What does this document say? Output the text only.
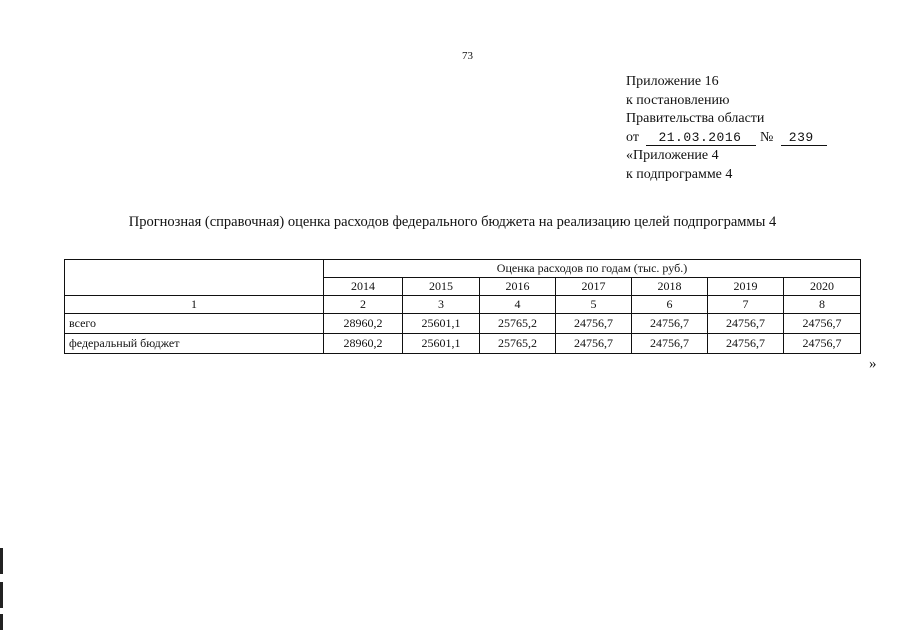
73
Приложение 16
к постановлению
Правительства области
от 21.03.2016 № 239
«Приложение 4
к подпрограмме 4
Прогнозная (справочная) оценка расходов федерального бюджета на реализацию целей подпрограммы 4
	Оценка расходов по годам (тыс. руб.)						
	2014	2015	2016	2017	2018	2019	2020
1	2	3	4	5	6	7	8
всего	28960,2	25601,1	25765,2	24756,7	24756,7	24756,7	24756,7
федеральный бюджет	28960,2	25601,1	25765,2	24756,7	24756,7	24756,7	24756,7
»
